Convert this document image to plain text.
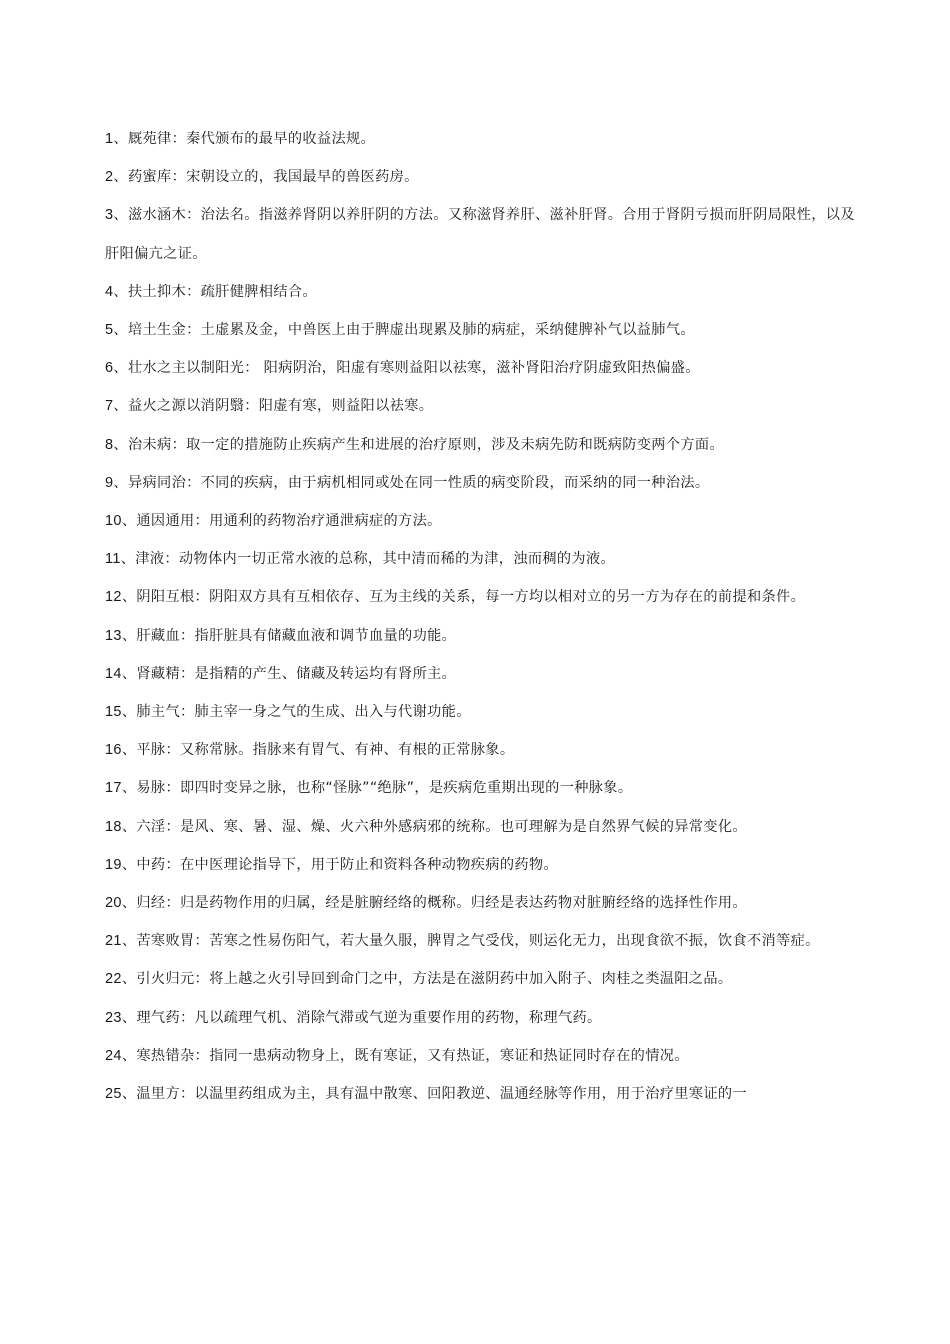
1、厩苑律：秦代颁布的最早的收益法规。

2、药蜜库：宋朝设立的，我国最早的兽医药房。

3、滋水涵木：治法名。指滋养肾阴以养肝阴的方法。又称滋肾养肝、滋补肝肾。合用于肾阴亏损而肝阴局限性，以及肝阳偏亢之证。

4、扶土抑木：疏肝健脾相结合。

5、培土生金：土虚累及金，中兽医上由于脾虚出现累及肺的病症，采纳健脾补气以益肺气。

6、壮水之主以制阳光： 阳病阴治，阳虚有寒则益阳以祛寒，滋补肾阳治疗阴虚致阳热偏盛。

7、益火之源以消阴翳：阳虚有寒，则益阳以祛寒。

8、治未病：取一定的措施防止疾病产生和进展的治疗原则，涉及未病先防和既病防变两个方面。

9、异病同治：不同的疾病，由于病机相同或处在同一性质的病变阶段，而采纳的同一种治法。

10、通因通用：用通利的药物治疗通泄病症的方法。

11、津液：动物体内一切正常水液的总称，其中清而稀的为津，浊而稠的为液。

12、阴阳互根：阴阳双方具有互相依存、互为主线的关系，每一方均以相对立的另一方为存在的前提和条件。

13、肝藏血：指肝脏具有储藏血液和调节血量的功能。

14、肾藏精：是指精的产生、储藏及转运均有肾所主。

15、肺主气：肺主宰一身之气的生成、出入与代谢功能。

16、平脉：又称常脉。指脉来有胃气、有神、有根的正常脉象。

17、易脉：即四时变异之脉，也称“怪脉”“绝脉”，是疾病危重期出现的一种脉象。

18、六淫：是风、寒、暑、湿、燥、火六种外感病邪的统称。也可理解为是自然界气候的异常变化。

19、中药：在中医理论指导下，用于防止和资料各种动物疾病的药物。

20、归经：归是药物作用的归属，经是脏腑经络的概称。归经是表达药物对脏腑经络的选择性作用。

21、苦寒败胃：苦寒之性易伤阳气，若大量久服，脾胃之气受伐，则运化无力，出现食欲不振，饮食不消等症。

22、引火归元：将上越之火引导回到命门之中，方法是在滋阴药中加入附子、肉桂之类温阳之品。

23、理气药：凡以疏理气机、消除气滞或气逆为重要作用的药物，称理气药。

24、寒热错杂：指同一患病动物身上，既有寒证，又有热证，寒证和热证同时存在的情况。

25、温里方：以温里药组成为主，具有温中散寒、回阳教逆、温通经脉等作用，用于治疗里寒证的一
